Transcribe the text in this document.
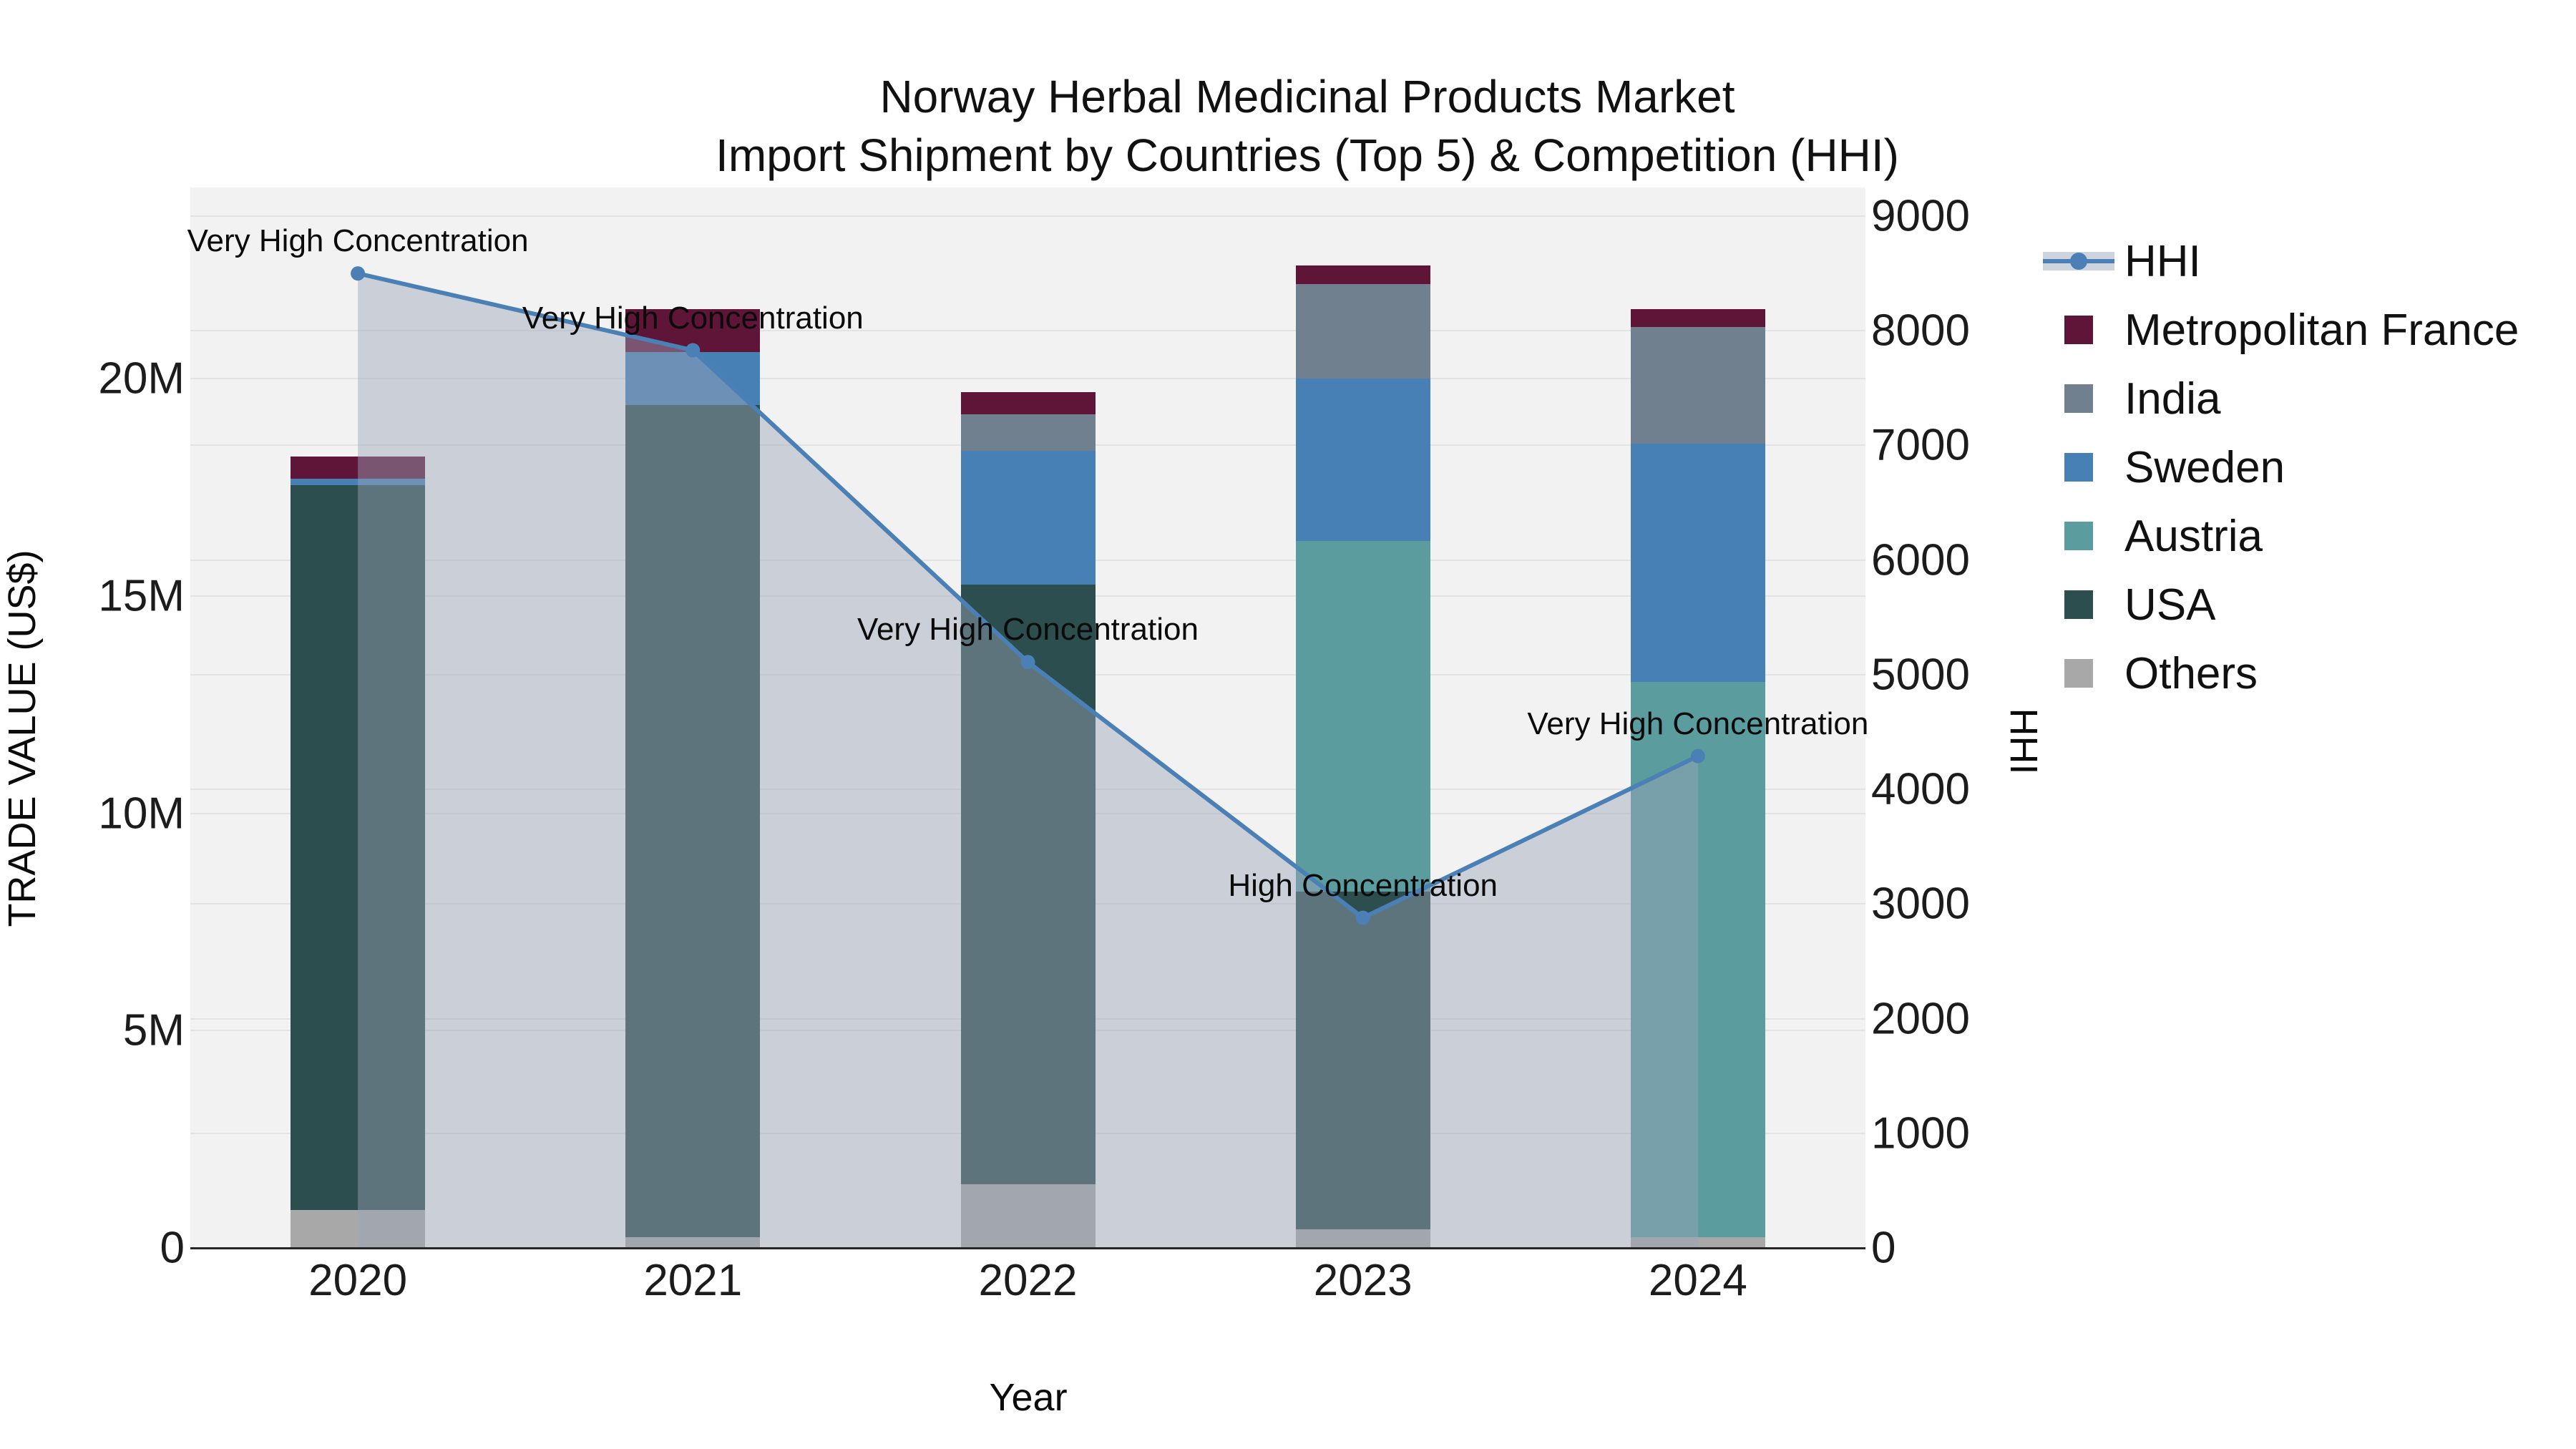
Norway Herbal Medicinal Products Market
Import Shipment by Countries (Top 5) & Competition (HHI)
Very High Concentration
Very High Concentration
Very High Concentration
High Concentration
Very High Concentration
0
5M
10M
15M
20M
0
1000
2000
3000
4000
5000
6000
7000
8000
9000
2020	2021	2022	2023	2024
TRADE VALUE (US$)	HHI
Year
HHI
Metropolitan France
India
Sweden
Austria
USA
Others
